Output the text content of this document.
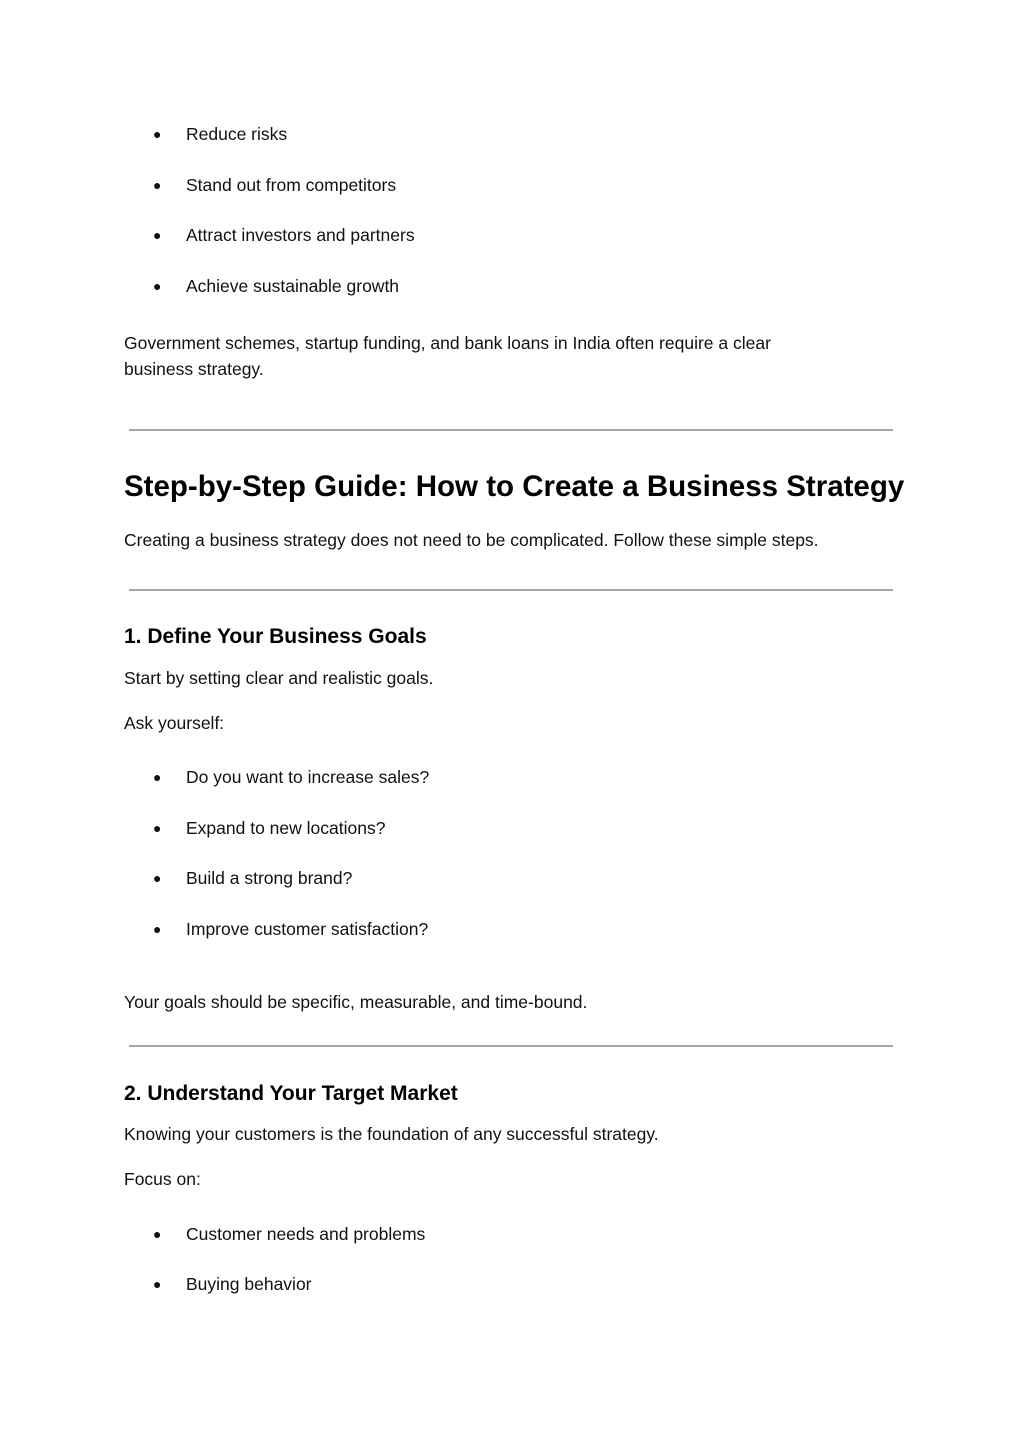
● Reduce risks
● Stand out from competitors
● Attract investors and partners
● Achieve sustainable growth

Government schemes, startup funding, and bank loans in India often require a clear business strategy.

Step-by-Step Guide: How to Create a Business Strategy

Creating a business strategy does not need to be complicated. Follow these simple steps.

1. Define Your Business Goals

Start by setting clear and realistic goals.

Ask yourself:

● Do you want to increase sales?
● Expand to new locations?
● Build a strong brand?
● Improve customer satisfaction?

Your goals should be specific, measurable, and time-bound.

2. Understand Your Target Market

Knowing your customers is the foundation of any successful strategy.

Focus on:

● Customer needs and problems
● Buying behavior
